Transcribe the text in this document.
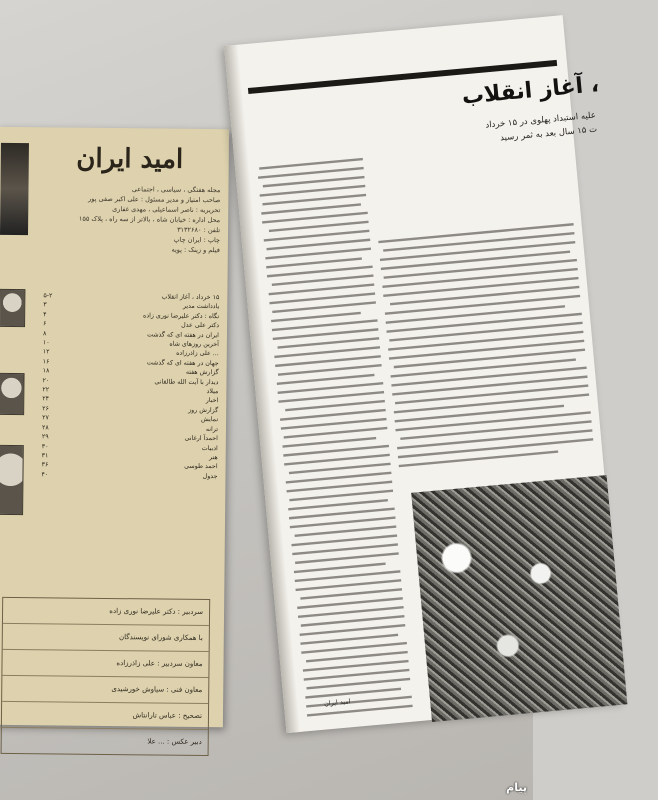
امید ایران
مجله هفتگی ، سیاسی ، اجتماعی
صاحب امتیاز و مدیر مسئول : علی اکبر صفی پور
تحریریه : ناصر اسماعیلی ، مهدی غفاری
محل اداره : خیابان شاه ، بالاتر از سه راه ، پلاک ۱۵۵
تلفن : ۳۱۳۲۶۸۰
چاپ : ایران چاپ
فیلم و زینک : پویه
۱۵ خرداد ، آغاز انقلاب
۵-۲
یادداشت مدیر
۳
نگاه : دکتر علیرضا نوری زاده
۴
دکتر علی عدل
۶
ایران در هفته ای که گذشت
۸
آخرین روزهای شاه
۱۰
... علی زاذرزاده
۱۲
جهان در هفته ای که گذشت
۱۶
گزارش هفته
۱۸
دیدار با آیت الله طالقانی
۲۰
میلاد
۲۲
اخبار
۲۴
گزارش روز
۲۶
نمایش
۲۷
ترانه
۲۸
احمدآ ارغانی
۲۹
ادبیات
۳۰
هنر
۳۱
احمد طوسی
۳۶
جدول
۴۰
سردبیر : دکتر علیرضا نوری زاده
با همکاری شورای نویسندگان
معاون سردبیر : علی زاذرزاده
معاون فنی : سیاوش خورشیدی
تصحیح : عباس تارانتاش
دبیر عکس : ... علا
، آغاز انقلاب
علیه استبداد پهلوی در ۱۵ خرداد
ت ۱۵ سال بعد به ثمر رسید
امید ایران
پیام
